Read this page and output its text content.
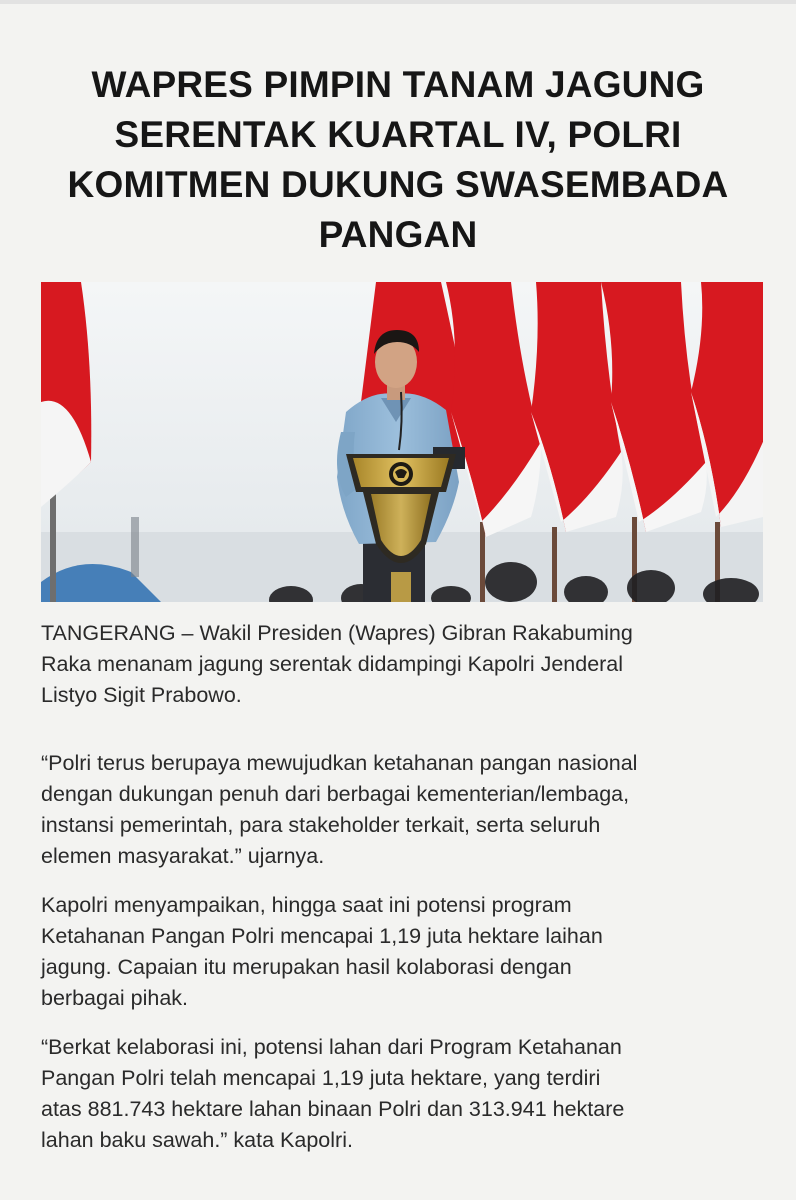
WAPRES PIMPIN TANAM JAGUNG
SERENTAK KUARTAL IV, POLRI
KOMITMEN DUKUNG SWASEMBADA
PANGAN

TANGERANG – Wakil Presiden (Wapres) Gibran Rakabuming
Raka menanam jagung serentak didampingi Kapolri Jenderal
Listyo Sigit Prabowo.

“Polri terus berupaya mewujudkan ketahanan pangan nasional
dengan dukungan penuh dari berbagai kementerian/lembaga,
instansi pemerintah, para stakeholder terkait, serta seluruh
elemen masyarakat.” ujarnya.

Kapolri menyampaikan, hingga saat ini potensi program
Ketahanan Pangan Polri mencapai 1,19 juta hektare laihan
jagung. Capaian itu merupakan hasil kolaborasi dengan
berbagai pihak.

“Berkat kelaborasi ini, potensi lahan dari Program Ketahanan
Pangan Polri telah mencapai 1,19 juta hektare, yang terdiri
atas 881.743 hektare lahan binaan Polri dan 313.941 hektare
lahan baku sawah.” kata Kapolri.
